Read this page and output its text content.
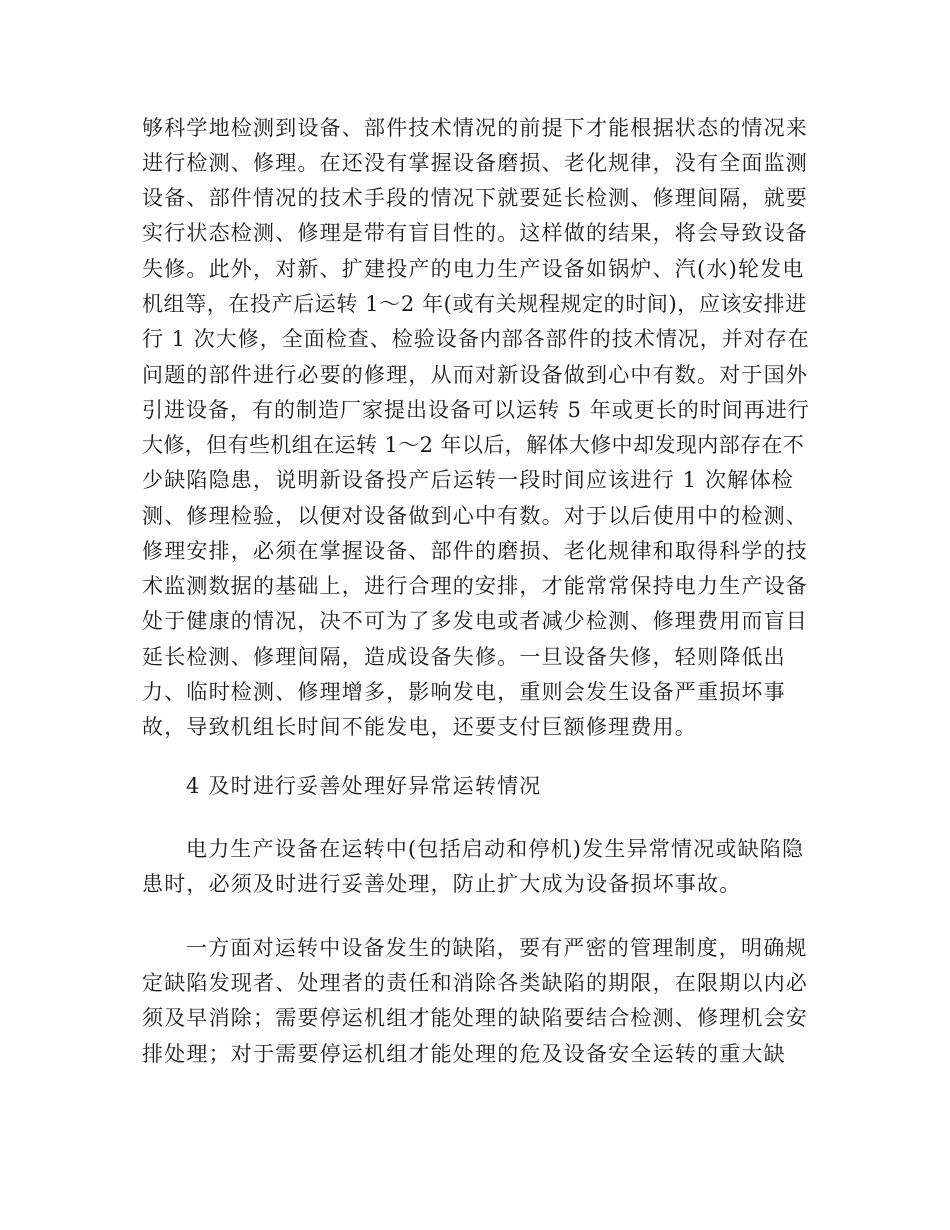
够科学地检测到设备、部件技术情况的前提下才能根据状态的情况来

进行检测、修理。在还没有掌握设备磨损、老化规律，没有全面监测

设备、部件情况的技术手段的情况下就要延长检测、修理间隔，就要

实行状态检测、修理是带有盲目性的。这样做的结果，将会导致设备

失修。此外，对新、扩建投产的电力生产设备如锅炉、汽(水)轮发电

机组等，在投产后运转 1～2 年(或有关规程规定的时间)，应该安排进

行 1 次大修，全面检查、检验设备内部各部件的技术情况，并对存在

问题的部件进行必要的修理，从而对新设备做到心中有数。对于国外

引进设备，有的制造厂家提出设备可以运转 5 年或更长的时间再进行

大修，但有些机组在运转 1～2 年以后，解体大修中却发现内部存在不

少缺陷隐患，说明新设备投产后运转一段时间应该进行 1 次解体检

测、修理检验，以便对设备做到心中有数。对于以后使用中的检测、

修理安排，必须在掌握设备、部件的磨损、老化规律和取得科学的技

术监测数据的基础上，进行合理的安排，才能常常保持电力生产设备

处于健康的情况，决不可为了多发电或者减少检测、修理费用而盲目

延长检测、修理间隔，造成设备失修。一旦设备失修，轻则降低出

力、临时检测、修理增多，影响发电，重则会发生设备严重损坏事

故，导致机组长时间不能发电，还要支付巨额修理费用。

4 及时进行妥善处理好异常运转情况

电力生产设备在运转中(包括启动和停机)发生异常情况或缺陷隐

患时，必须及时进行妥善处理，防止扩大成为设备损坏事故。

一方面对运转中设备发生的缺陷，要有严密的管理制度，明确规

定缺陷发现者、处理者的责任和消除各类缺陷的期限，在限期以内必

须及早消除；需要停运机组才能处理的缺陷要结合检测、修理机会安

排处理；对于需要停运机组才能处理的危及设备安全运转的重大缺
